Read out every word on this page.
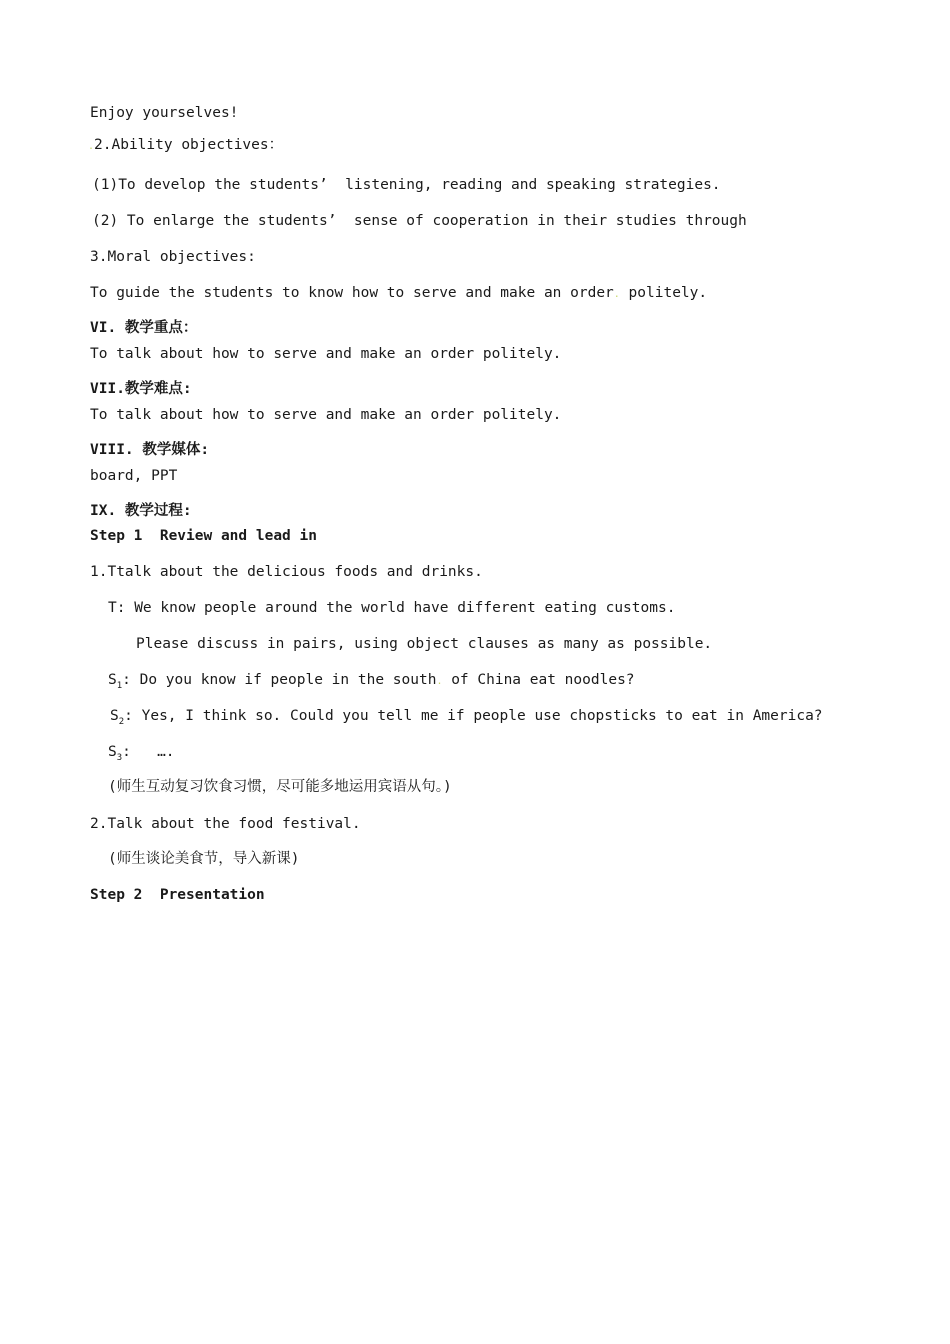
Enjoy yourselves!
.2.Ability objectives：
(1)To develop the students’  listening, reading and speaking strategies.
(2) To enlarge the students’  sense of cooperation in their studies through
3.Moral objectives:
To guide the students to know how to serve and make an order. politely.
VI. 教学重点：
To talk about how to serve and make an order politely.
VII.教学难点:
To talk about how to serve and make an order politely.
VIII. 教学媒体:
board, PPT
IX. 教学过程:
Step 1  Review and lead in
1.Ttalk about the delicious foods and drinks.
T: We know people around the world have different eating customs.
Please discuss in pairs, using object clauses as many as possible.
$S_1$: Do you know if people in the south. of China eat noodles?
$S_2$: Yes, I think so. Could you tell me if people use chopsticks to eat in America?
$S_3$:   ….
(师生互动复习饮食习惯，尽可能多地运用宾语从句。)
2.Talk about the food festival.
(师生谈论美食节，导入新课)
Step 2  Presentation
